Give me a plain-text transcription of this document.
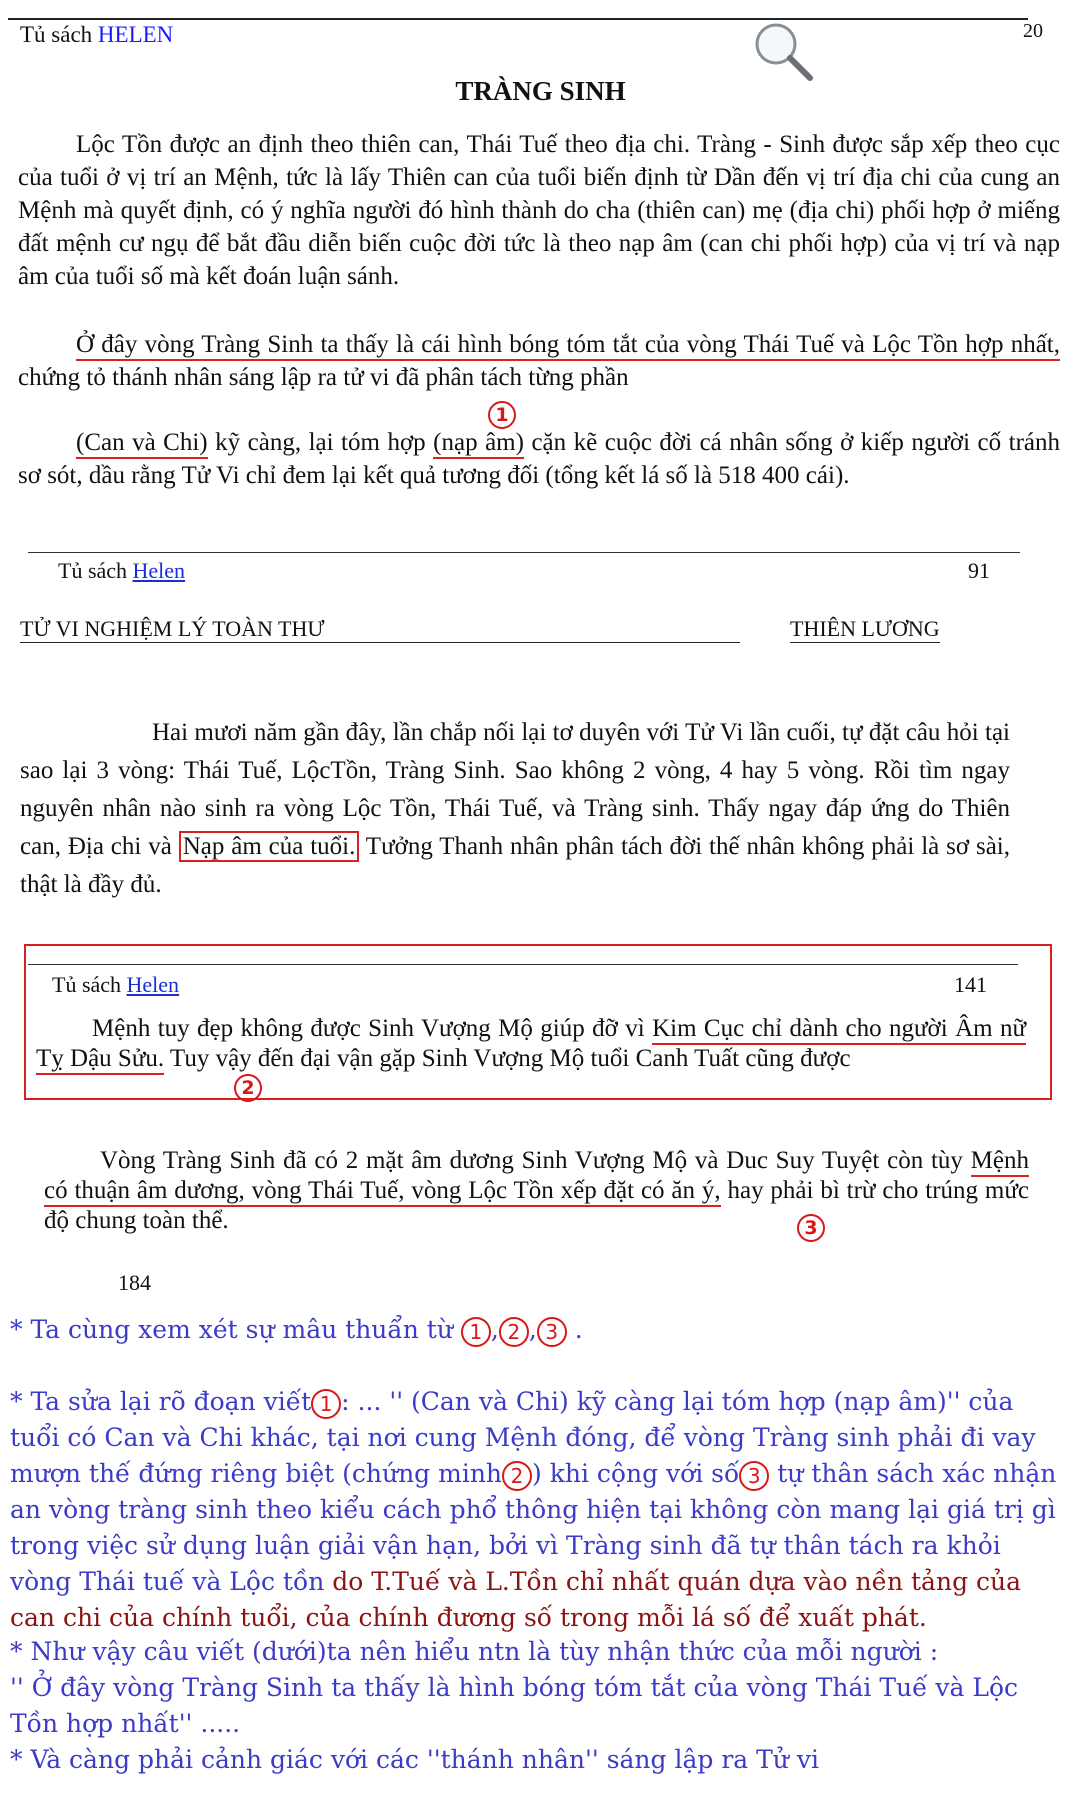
Tủ sách HELEN	20
TRÀNG SINH
Lộc Tồn được an định theo thiên can, Thái Tuế theo địa chi. Tràng - Sinh được sắp xếp theo cục của tuổi ở vị trí an Mệnh, tức là lấy Thiên can của tuổi biến định từ Dần đến vị trí địa chi của cung an Mệnh mà quyết định, có ý nghĩa người đó hình thành do cha (thiên can) mẹ (địa chi) phối hợp ở miếng đất mệnh cư ngụ để bắt đầu diễn biến cuộc đời tức là theo nạp âm (can chi phối hợp) của vị trí và nạp âm của tuổi số mà kết đoán luận sánh.
Ở đây vòng Tràng Sinh ta thấy là cái hình bóng tóm tắt của vòng Thái Tuế và Lộc Tồn hợp nhất, chứng tỏ thánh nhân sáng lập ra tử vi đã phân tách từng phần
1
(Can và Chi) kỹ càng, lại tóm hợp (nạp âm) cặn kẽ cuộc đời cá nhân sống ở kiếp người cố tránh sơ sót, dầu rằng Tử Vi chỉ đem lại kết quả tương đối (tổng kết lá số là 518 400 cái).
Tủ sách Helen	91
TỬ VI NGHIỆM LÝ TOÀN THƯ	THIÊN LƯƠNG
Hai mươi năm gần đây, lần chắp nối lại tơ duyên với Tử Vi lần cuối, tự đặt câu hỏi tại sao lại 3 vòng: Thái Tuế, LộcTồn, Tràng Sinh. Sao không 2 vòng, 4 hay 5 vòng. Rồi tìm ngay nguyên nhân nào sinh ra vòng Lộc Tồn, Thái Tuế, và Tràng sinh. Thấy ngay đáp ứng do Thiên can, Địa chi và Nạp âm của tuổi. Tưởng Thanh nhân phân tách đời thế nhân không phải là sơ sài, thật là đầy đủ.
Tủ sách Helen	141
Mệnh tuy đẹp không được Sinh Vượng Mộ giúp đỡ vì Kim Cục chỉ dành cho người Âm nữ Tỵ Dậu Sửu. Tuy vậy đến đại vận gặp Sinh Vượng Mộ tuổi Canh Tuất cũng được
2
Vòng Tràng Sinh đã có 2 mặt âm dương Sinh Vượng Mộ và Duc Suy Tuyệt còn tùy Mệnh có thuận âm dương, vòng Thái Tuế, vòng Lộc Tồn xếp đặt có ăn ý, hay phải bì trừ cho trúng mức độ chung toàn thể.	3
184
* Ta cùng xem xét sự mâu thuẩn từ 1 , 2 , 3 .
* Ta sửa lại rõ đoạn viết 1 : ... '' (Can và Chi) kỹ càng lại tóm hợp (nạp âm)'' của tuổi có Can và Chi khác, tại nơi cung Mệnh đóng, để vòng Tràng sinh phải đi vay mượn thế đứng riêng biệt (chứng minh 2 ) khi cộng với số 3 tự thân sách xác nhận an vòng tràng sinh theo kiểu cách phổ thông hiện tại không còn mang lại giá trị gì trong việc sử dụng luận giải vận hạn, bởi vì Tràng sinh đã tự thân tách ra khỏi vòng Thái tuế và Lộc tồn do T.Tuế và L.Tồn chỉ nhất quán dựa vào nền tảng của can chi của chính tuổi, của chính đương số trong mỗi lá số để xuất phát.
* Như vậy câu viết (dưới)ta nên hiểu ntn là tùy nhận thức của mỗi người :
'' Ở đây vòng Tràng Sinh ta thấy là hình bóng tóm tắt của vòng Thái Tuế và Lộc Tồn hợp nhất'' .....
* Và càng phải cảnh giác với các ''thánh nhân'' sáng lập ra Tử vi
